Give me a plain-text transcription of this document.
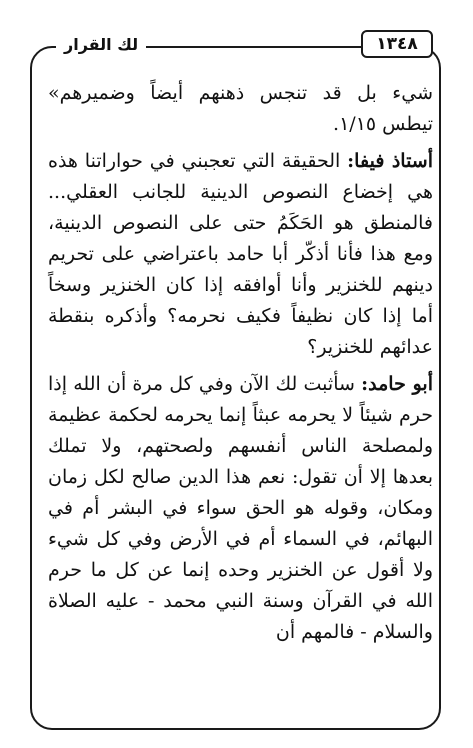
لك القرار	١٣٤٨

شيء بل قد تنجس ذهنهم أيضاً وضميرهم» تيطس ١/١٥.

أستاذ فيفا: الحقيقة التي تعجبني في حواراتنا هذه هي إخضاع النصوص الدينية للجانب العقلي... فالمنطق هو الحَكَمُ حتى على النصوص الدينية، ومع هذا فأنا أذكّر أبا حامد باعتراضي على تحريم دينهم للخنزير وأنا أوافقه إذا كان الخنزير وسخاً أما إذا كان نظيفاً فكيف نحرمه؟ وأذكره بنقطة عدائهم للخنزير؟

أبو حامد: سأثبت لك الآن وفي كل مرة أن الله إذا حرم شيئاً لا يحرمه عبثاً إنما يحرمه لحكمة عظيمة ولمصلحة الناس أنفسهم ولصحتهم، ولا تملك بعدها إلا أن تقول: نعم هذا الدين صالح لكل زمان ومكان، وقوله هو الحق سواء في البشر أم في البهائم، في السماء أم في الأرض وفي كل شيء ولا أقول عن الخنزير وحده إنما عن كل ما حرم الله في القرآن وسنة النبي محمد - عليه الصلاة والسلام - فالمهم أن
